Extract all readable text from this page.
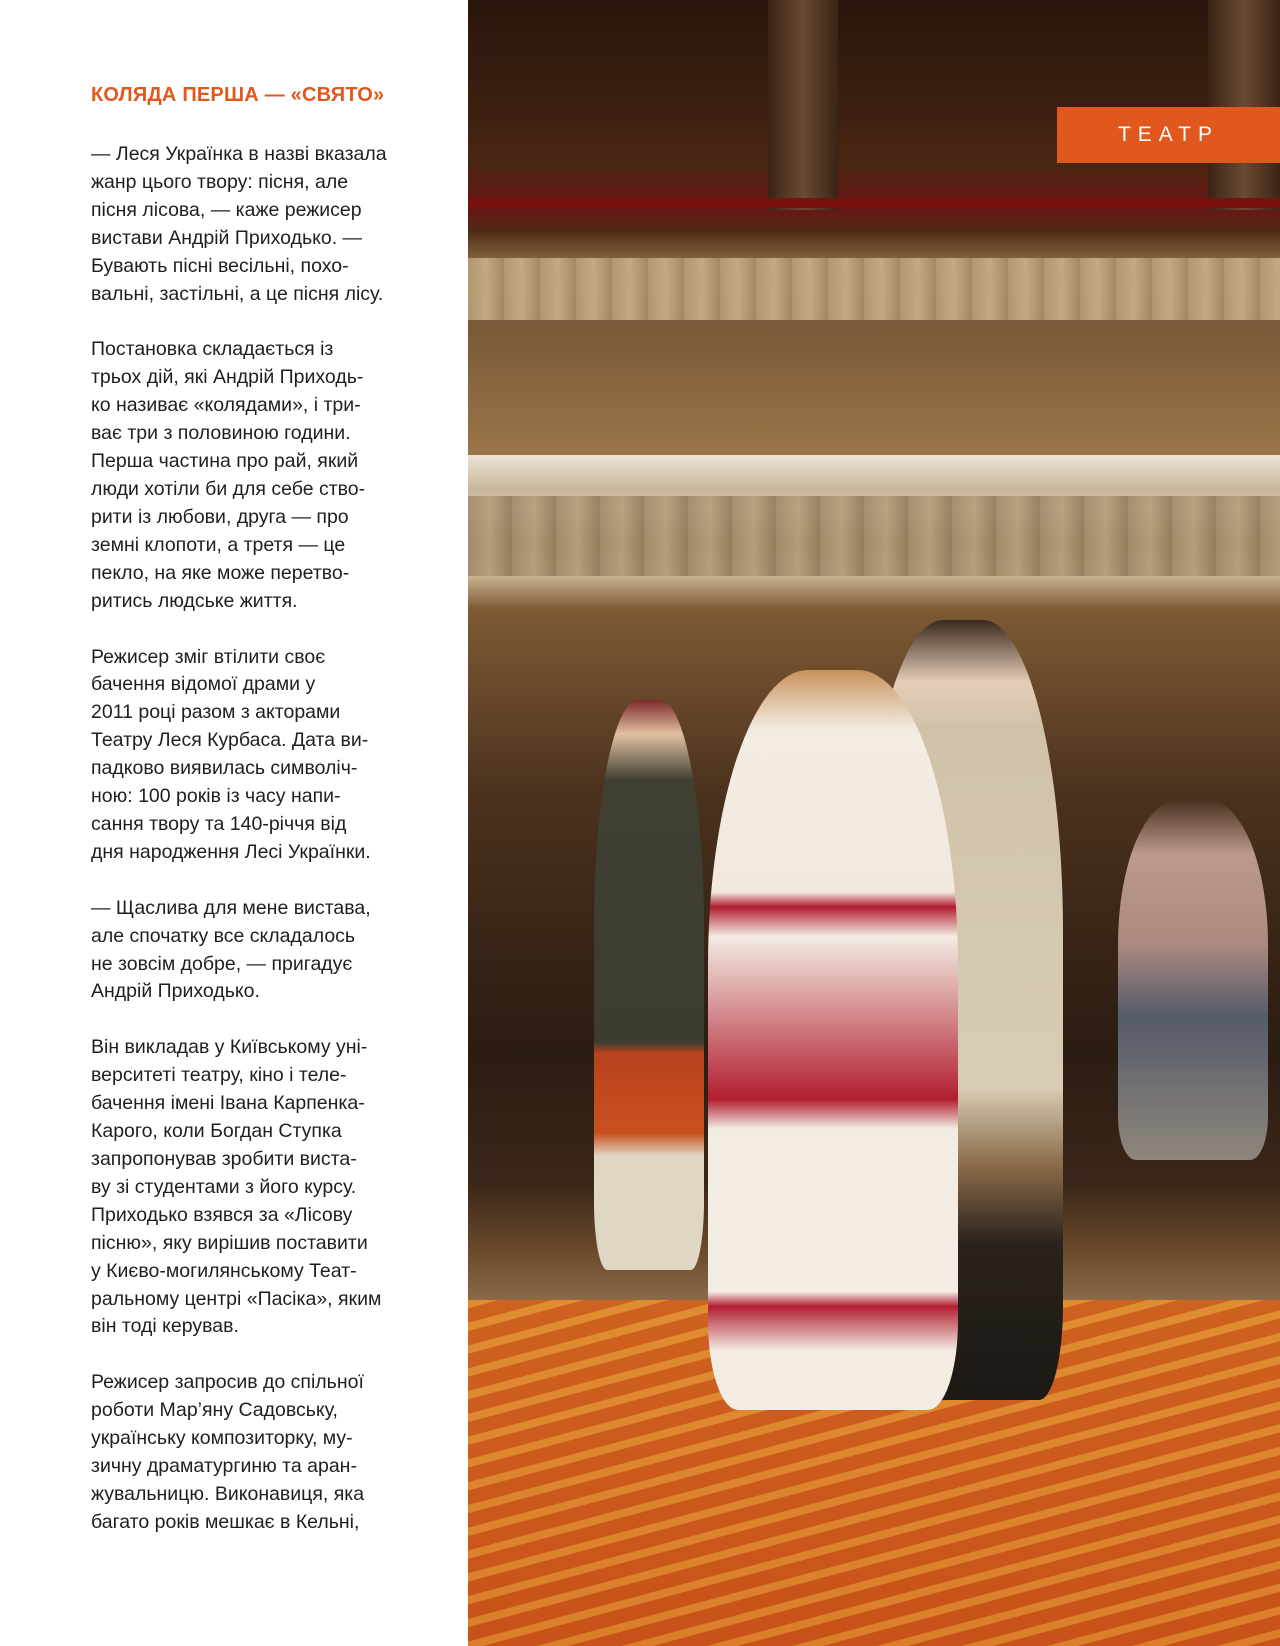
КОЛЯДА ПЕРША — «СВЯТО»

— Леся Українка в назві вказала
жанр цього твору: пісня, але
пісня лісова, — каже режисер
вистави Андрій Приходько. —
Бувають пісні весільні, похо-
вальні, застільні, а це пісня лісу.

Постановка складається із
трьох дій, які Андрій Приходь-
ко називає «колядами», і три-
ває три з половиною години.
Перша частина про рай, який
люди хотіли би для себе ство-
рити із любови, друга — про
земні клопоти, а третя — це
пекло, на яке може перетво-
ритись людське життя.

Режисер зміг втілити своє
бачення відомої драми у
2011 році разом з акторами
Театру Леся Курбаса. Дата ви-
падково виявилась символіч-
ною: 100 років із часу напи-
сання твору та 140-річчя від
дня народження Лесі Українки.

— Щаслива для мене вистава,
але спочатку все складалось
не зовсім добре, — пригадує
Андрій Приходько.

Він викладав у Київському уні-
верситеті театру, кіно і теле-
бачення імені Івана Карпенка-
Карого, коли Богдан Ступка
запропонував зробити виста-
ву зі студентами з його курсу.
Приходько взявся за «Лісову
пісню», яку вирішив поставити
у Києво-могилянському Теат-
ральному центрі «Пасіка», яким
він тоді керував.

Режисер запросив до спільної
роботи Мар’яну Садовську,
українську композиторку, му-
зичну драматургиню та аран-
жувальницю. Виконавиця, яка
багато років мешкає в Кельні,

ТЕАТР
